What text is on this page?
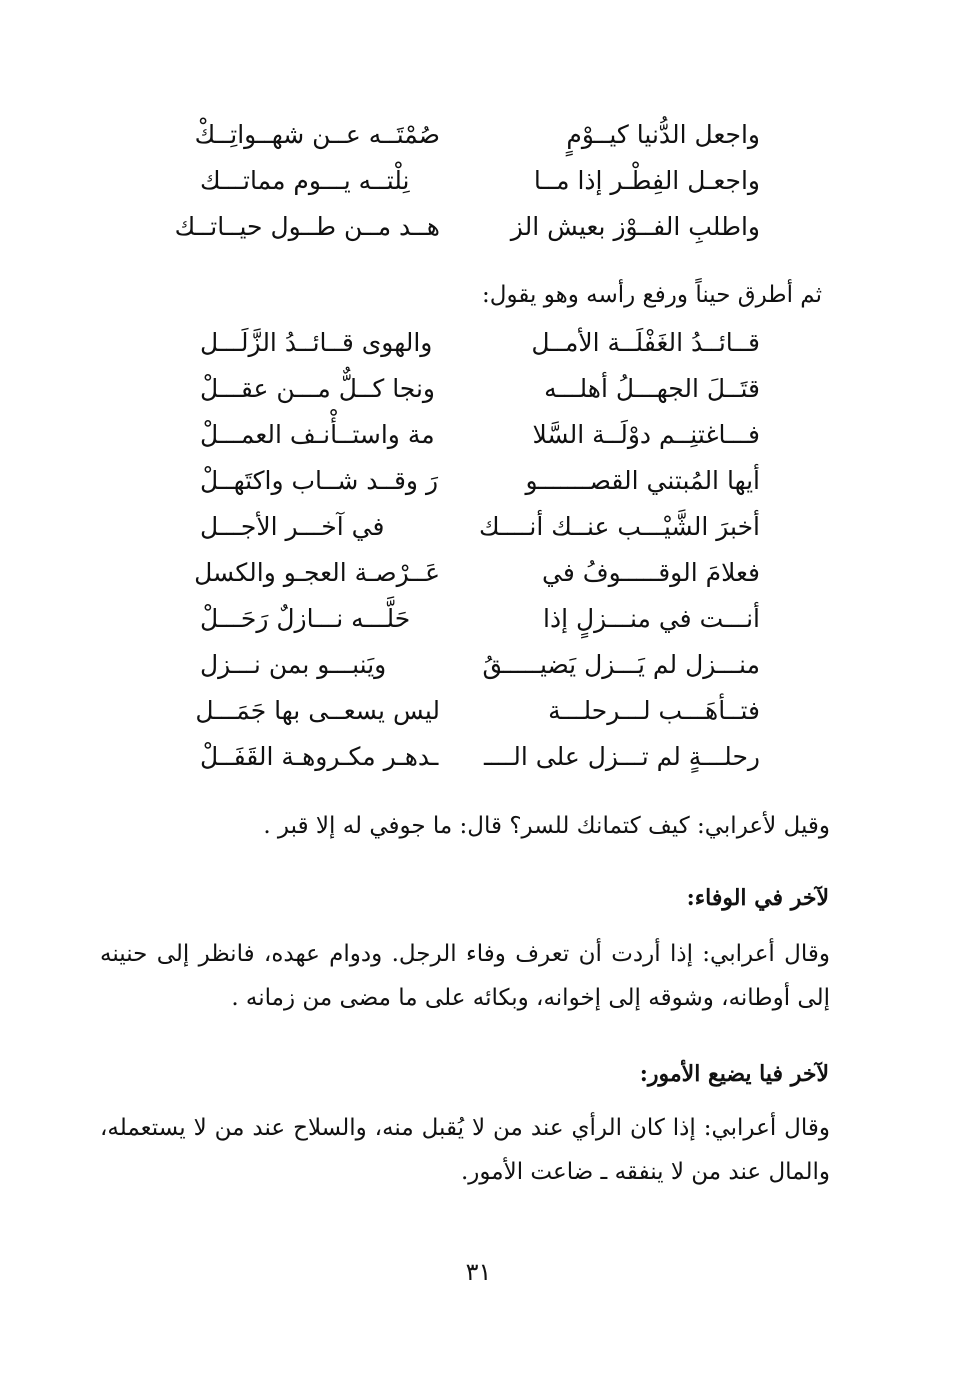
واجعل الدُّنيا كيــوْمٍ
صُمْتَــه عــن شهــواتِــكْ
واجعـل الفِطْـر إذا مــا
نِلْتــه يـــوم مماتـــك
واطلبِ الفــوْز بعيش الز
هــد مــن طــول حيــاتــك
ثم أطرق حيناً ورفع رأسه وهو يقول:
قــائــدُ الغَفْلَــة الأمــل
والهوى قــائــدُ الزَّلَـــل
قتَــلَ الجهـــلُ أهلـــه
ونجا كــلٌّ مـــن عقـــلْ
فـــاغتنِــم دوْلَــة السَّلا
مة واستــأْنـف العمـــلْ
أيها المُبتني القصـــــــو
رَ وقــد شــاب واكتَهــلْ
أخبرَ الشَّيْـــب عنــك أنــــك
في آخـــر الأجـــل
فعلامَ الوقـــــوفُ في
عَــرْصـة العجـو والكسل
أنـــت في منـــزلٍ إذا
حَلَّـــه نـــازلٌ رَحَـــلْ
منـــزل لم يَـــزل يَضيـــــقُ
ويَنبـــو بمن نـــزل
فتــأهَـــب لـــرحلـــة
ليس يسعــى بها جَمَـــل
رحلـــةٍ لم تـــزل على الــــ
ـدهـر مكـروهـة القَفَــلْ
وقيل لأعرابي: كيف كتمانك للسر؟ قال: ما جوفي له إلا قبر .
لآخر في الوفاء:
وقال أعرابي: إذا أردت أن تعرف وفاء الرجل. ودوام عهده، فانظر إلى حنينه
إلى أوطانه، وشوقه إلى إخوانه، وبكائه على ما مضى من زمانه .
لآخر فيا يضيع الأمور:
وقال أعرابي: إذا كان الرأي عند من لا يُقبل منه، والسلاح عند من لا يستعمله،
والمال عند من لا ينفقه ـ ضاعت الأمور.
٣١
